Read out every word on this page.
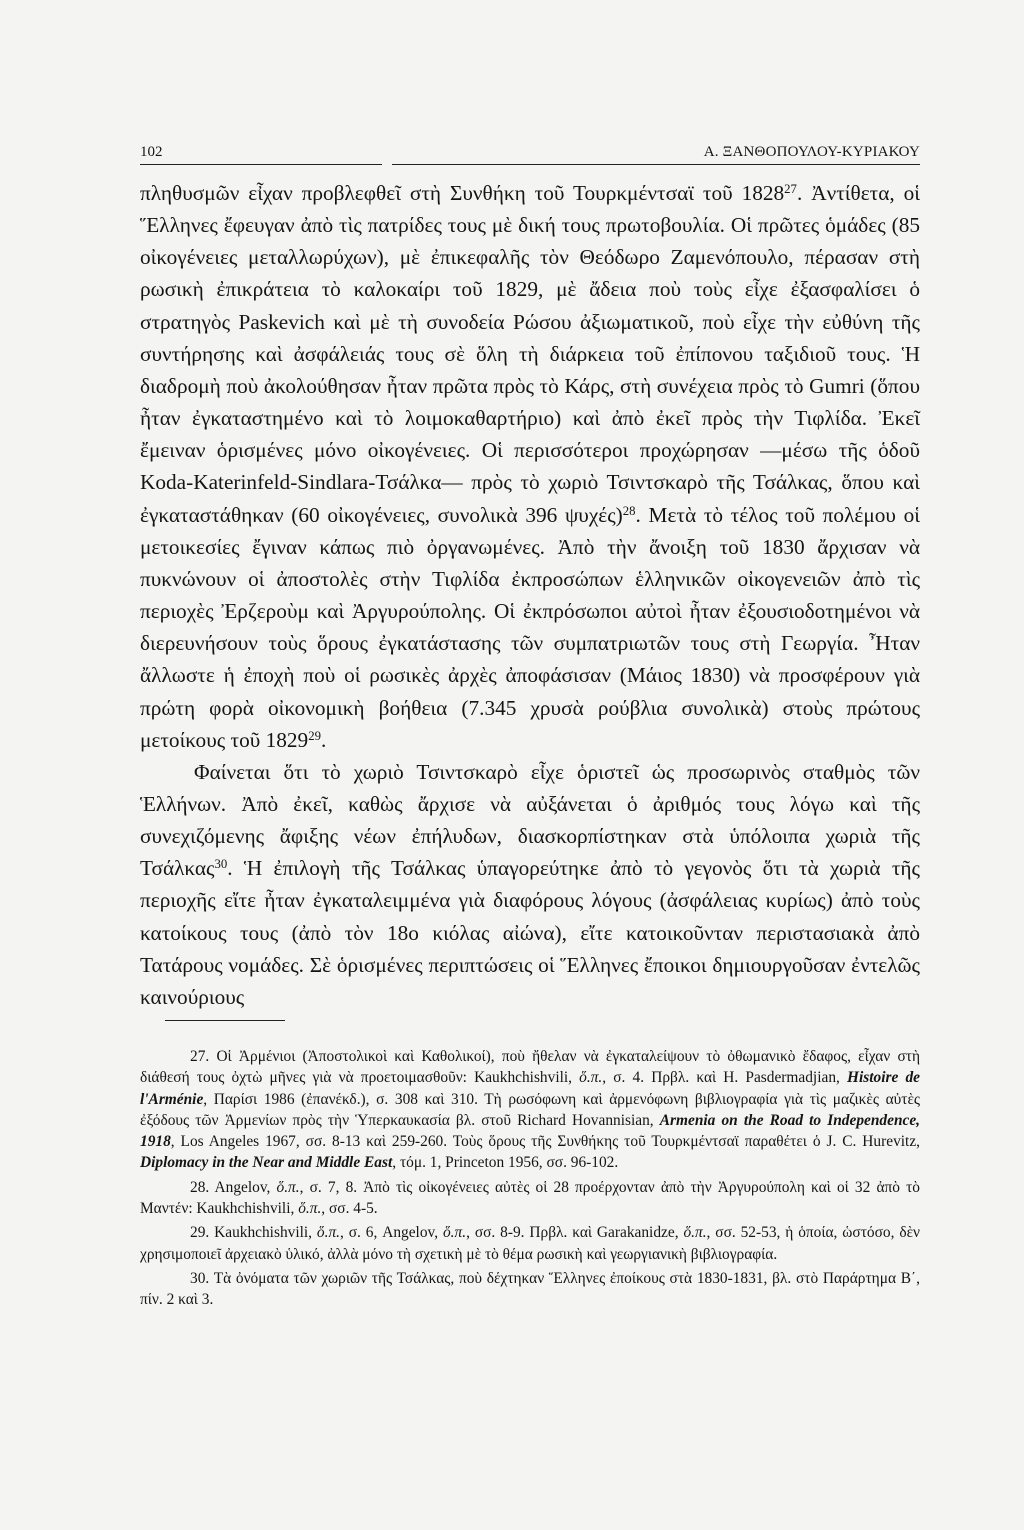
102	Α. ΞΑΝΘΟΠΟΥΛΟΥ-ΚΥΡΙΑΚΟΥ

πληθυσμῶν εἶχαν προβλεφθεῖ στὴ Συνθήκη τοῦ Τουρκμέντσαϊ τοῦ 1828$^{27}$. Ἀντίθετα, οἱ Ἕλληνες ἔφευγαν ἀπὸ τὶς πατρίδες τους μὲ δική τους πρωτοβουλία. Οἱ πρῶτες ὁμάδες (85 οἰκογένειες μεταλλωρύχων), μὲ ἐπικεφαλῆς τὸν Θεόδωρο Ζαμενόπουλο, πέρασαν στὴ ρωσικὴ ἐπικράτεια τὸ καλοκαίρι τοῦ 1829, μὲ ἄδεια ποὺ τοὺς εἶχε ἐξασφαλίσει ὁ στρατηγὸς Paskevich καὶ μὲ τὴ συνοδεία Ρώσου ἀξιωματικοῦ, ποὺ εἶχε τὴν εὐθύνη τῆς συντήρησης καὶ ἀσφάλειάς τους σὲ ὅλη τὴ διάρκεια τοῦ ἐπίπονου ταξιδιοῦ τους. Ἡ διαδρομὴ ποὺ ἀκολούθησαν ἦταν πρῶτα πρὸς τὸ Κάρς, στὴ συνέχεια πρὸς τὸ Gumri (ὅπου ἦταν ἐγκαταστημένο καὶ τὸ λοιμοκαθαρτήριο) καὶ ἀπὸ ἐκεῖ πρὸς τὴν Τιφλίδα. Ἐκεῖ ἔμειναν ὁρισμένες μόνο οἰκογένειες. Οἱ περισσότεροι προχώρησαν —μέσω τῆς ὁδοῦ Koda-Katerinfeld-Sindlara-Τσάλκα— πρὸς τὸ χωριὸ Τσιντσκαρὸ τῆς Τσάλκας, ὅπου καὶ ἐγκαταστάθηκαν (60 οἰκογένειες, συνολικὰ 396 ψυχές)$^{28}$. Μετὰ τὸ τέλος τοῦ πολέμου οἱ μετοικεσίες ἔγιναν κάπως πιὸ ὀργανωμένες. Ἀπὸ τὴν ἄνοιξη τοῦ 1830 ἄρχισαν νὰ πυκνώνουν οἱ ἀποστολὲς στὴν Τιφλίδα ἐκπροσώπων ἑλληνικῶν οἰκογενειῶν ἀπὸ τὶς περιοχὲς Ἐρζεροὺμ καὶ Ἀργυρούπολης. Οἱ ἐκπρόσωποι αὐτοὶ ἦταν ἐξουσιοδοτημένοι νὰ διερευνήσουν τοὺς ὅρους ἐγκατάστασης τῶν συμπατριωτῶν τους στὴ Γεωργία. Ἦταν ἄλλωστε ἡ ἐποχὴ ποὺ οἱ ρωσικὲς ἀρχὲς ἀποφάσισαν (Μάιος 1830) νὰ προσφέρουν γιὰ πρώτη φορὰ οἰκονομικὴ βοήθεια (7.345 χρυσὰ ρούβλια συνολικὰ) στοὺς πρώτους μετοίκους τοῦ 1829$^{29}$.

Φαίνεται ὅτι τὸ χωριὸ Τσιντσκαρὸ εἶχε ὁριστεῖ ὡς προσωρινὸς σταθμὸς τῶν Ἑλλήνων. Ἀπὸ ἐκεῖ, καθὼς ἄρχισε νὰ αὐξάνεται ὁ ἀριθμός τους λόγω καὶ τῆς συνεχιζόμενης ἄφιξης νέων ἐπήλυδων, διασκορπίστηκαν στὰ ὑπόλοιπα χωριὰ τῆς Τσάλκας$^{30}$. Ἡ ἐπιλογὴ τῆς Τσάλκας ὑπαγορεύτηκε ἀπὸ τὸ γεγονὸς ὅτι τὰ χωριὰ τῆς περιοχῆς εἴτε ἦταν ἐγκαταλειμμένα γιὰ διαφόρους λόγους (ἀσφάλειας κυρίως) ἀπὸ τοὺς κατοίκους τους (ἀπὸ τὸν 18ο κιόλας αἰώνα), εἴτε κατοικοῦνταν περιστασιακὰ ἀπὸ Τατάρους νομάδες. Σὲ ὁρισμένες περιπτώσεις οἱ Ἕλληνες ἔποικοι δημιουργοῦσαν ἐντελῶς καινούριους

27. Οἱ Ἀρμένιοι (Ἀποστολικοὶ καὶ Καθολικοί), ποὺ ἤθελαν νὰ ἐγκαταλείψουν τὸ ὀθωμανικὸ ἔδαφος, εἶχαν στὴ διάθεσή τους ὀχτὼ μῆνες γιὰ νὰ προετοιμασθοῦν: Kaukhchishvili, ὅ.π., σ. 4. Πρβλ. καὶ H. Pasdermadjian, Histoire de l'Arménie, Παρίσι 1986 (ἐπανέκδ.), σ. 308 καὶ 310. Τὴ ρωσόφωνη καὶ ἀρμενόφωνη βιβλιογραφία γιὰ τὶς μαζικὲς αὐτὲς ἐξόδους τῶν Ἀρμενίων πρὸς τὴν Ὑπερκαυκασία βλ. στοῦ Richard Hovannisian, Armenia on the Road to Independence, 1918, Los Angeles 1967, σσ. 8-13 καὶ 259-260. Τοὺς ὅρους τῆς Συνθήκης τοῦ Τουρκμέντσαϊ παραθέτει ὁ J. C. Hurevitz, Diplomacy in the Near and Middle East, τόμ. 1, Princeton 1956, σσ. 96-102.

28. Angelov, ὅ.π., σ. 7, 8. Ἀπὸ τὶς οἰκογένειες αὐτὲς οἱ 28 προέρχονταν ἀπὸ τὴν Ἀργυρούπολη καὶ οἱ 32 ἀπὸ τὸ Μαντέν: Kaukhchishvili, ὅ.π., σσ. 4-5.

29. Kaukhchishvili, ὅ.π., σ. 6, Angelov, ὅ.π., σσ. 8-9. Πρβλ. καὶ Garakanidze, ὅ.π., σσ. 52-53, ἡ ὁποία, ὡστόσο, δὲν χρησιμοποιεῖ ἀρχειακὸ ὑλικό, ἀλλὰ μόνο τὴ σχετικὴ μὲ τὸ θέμα ρωσικὴ καὶ γεωργιανικὴ βιβλιογραφία.

30. Τὰ ὀνόματα τῶν χωριῶν τῆς Τσάλκας, ποὺ δέχτηκαν Ἕλληνες ἐποίκους στὰ 1830-1831, βλ. στὸ Παράρτημα Β΄, πίν. 2 καὶ 3.
